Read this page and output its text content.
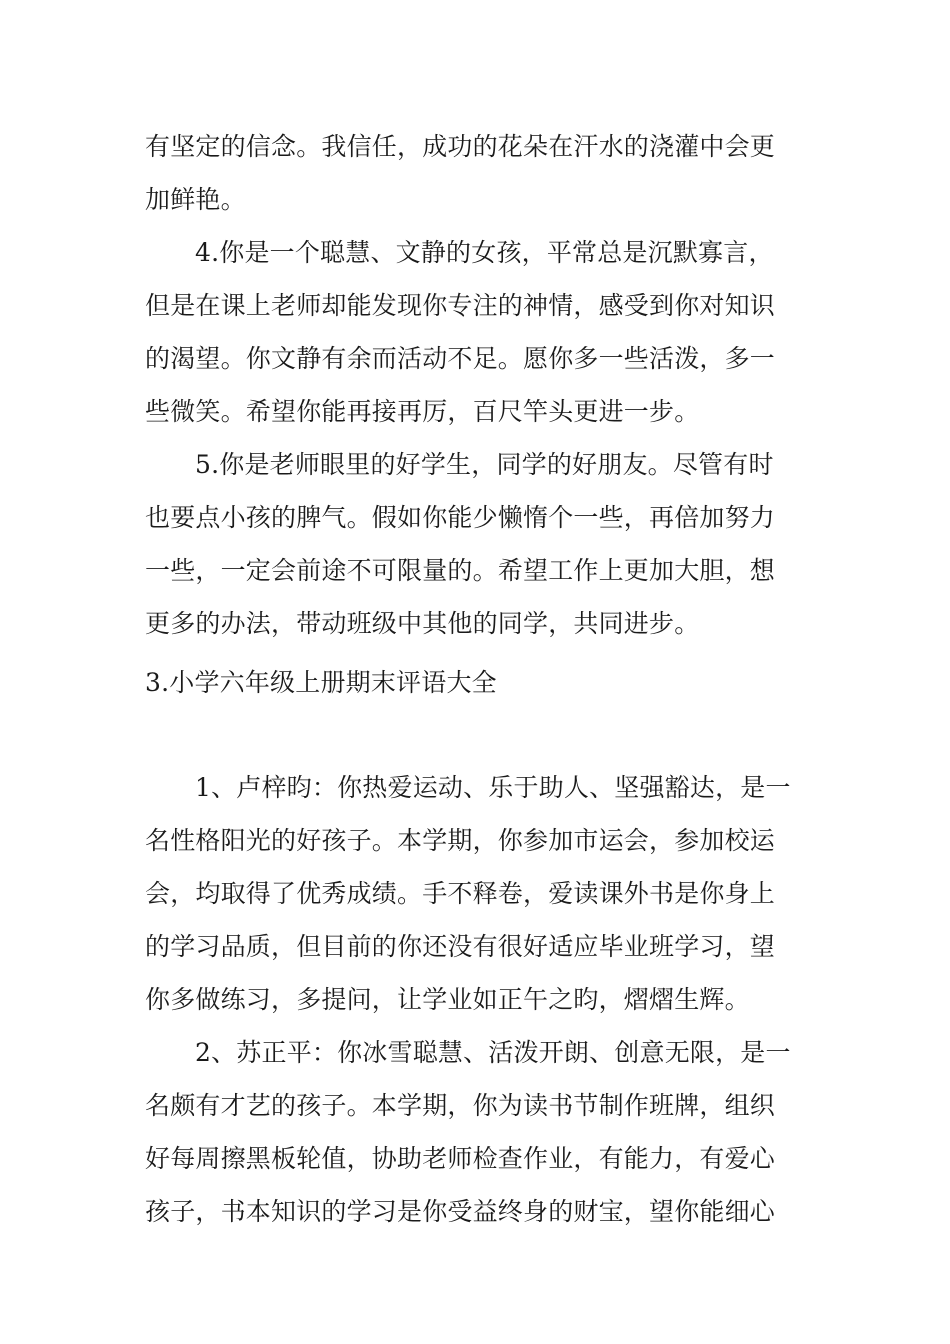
有坚定的信念。我信任，成功的花朵在汗水的浇灌中会更
加鲜艳。
4.你是一个聪慧、文静的女孩，平常总是沉默寡言，
但是在课上老师却能发现你专注的神情，感受到你对知识
的渴望。你文静有余而活动不足。愿你多一些活泼，多一
些微笑。希望你能再接再厉，百尺竿头更进一步。
5.你是老师眼里的好学生，同学的好朋友。尽管有时
也要点小孩的脾气。假如你能少懒惰个一些，再倍加努力
一些，一定会前途不可限量的。希望工作上更加大胆，想
更多的办法，带动班级中其他的同学，共同进步。
3.小学六年级上册期末评语大全
1、卢梓昀：你热爱运动、乐于助人、坚强豁达，是一
名性格阳光的好孩子。本学期，你参加市运会，参加校运
会，均取得了优秀成绩。手不释卷，爱读课外书是你身上
的学习品质，但目前的你还没有很好适应毕业班学习，望
你多做练习，多提问，让学业如正午之昀，熠熠生辉。
2、苏正平：你冰雪聪慧、活泼开朗、创意无限，是一
名颇有才艺的孩子。本学期，你为读书节制作班牌，组织
好每周擦黑板轮值，协助老师检查作业，有能力，有爱心
孩子，书本知识的学习是你受益终身的财宝，望你能细心
